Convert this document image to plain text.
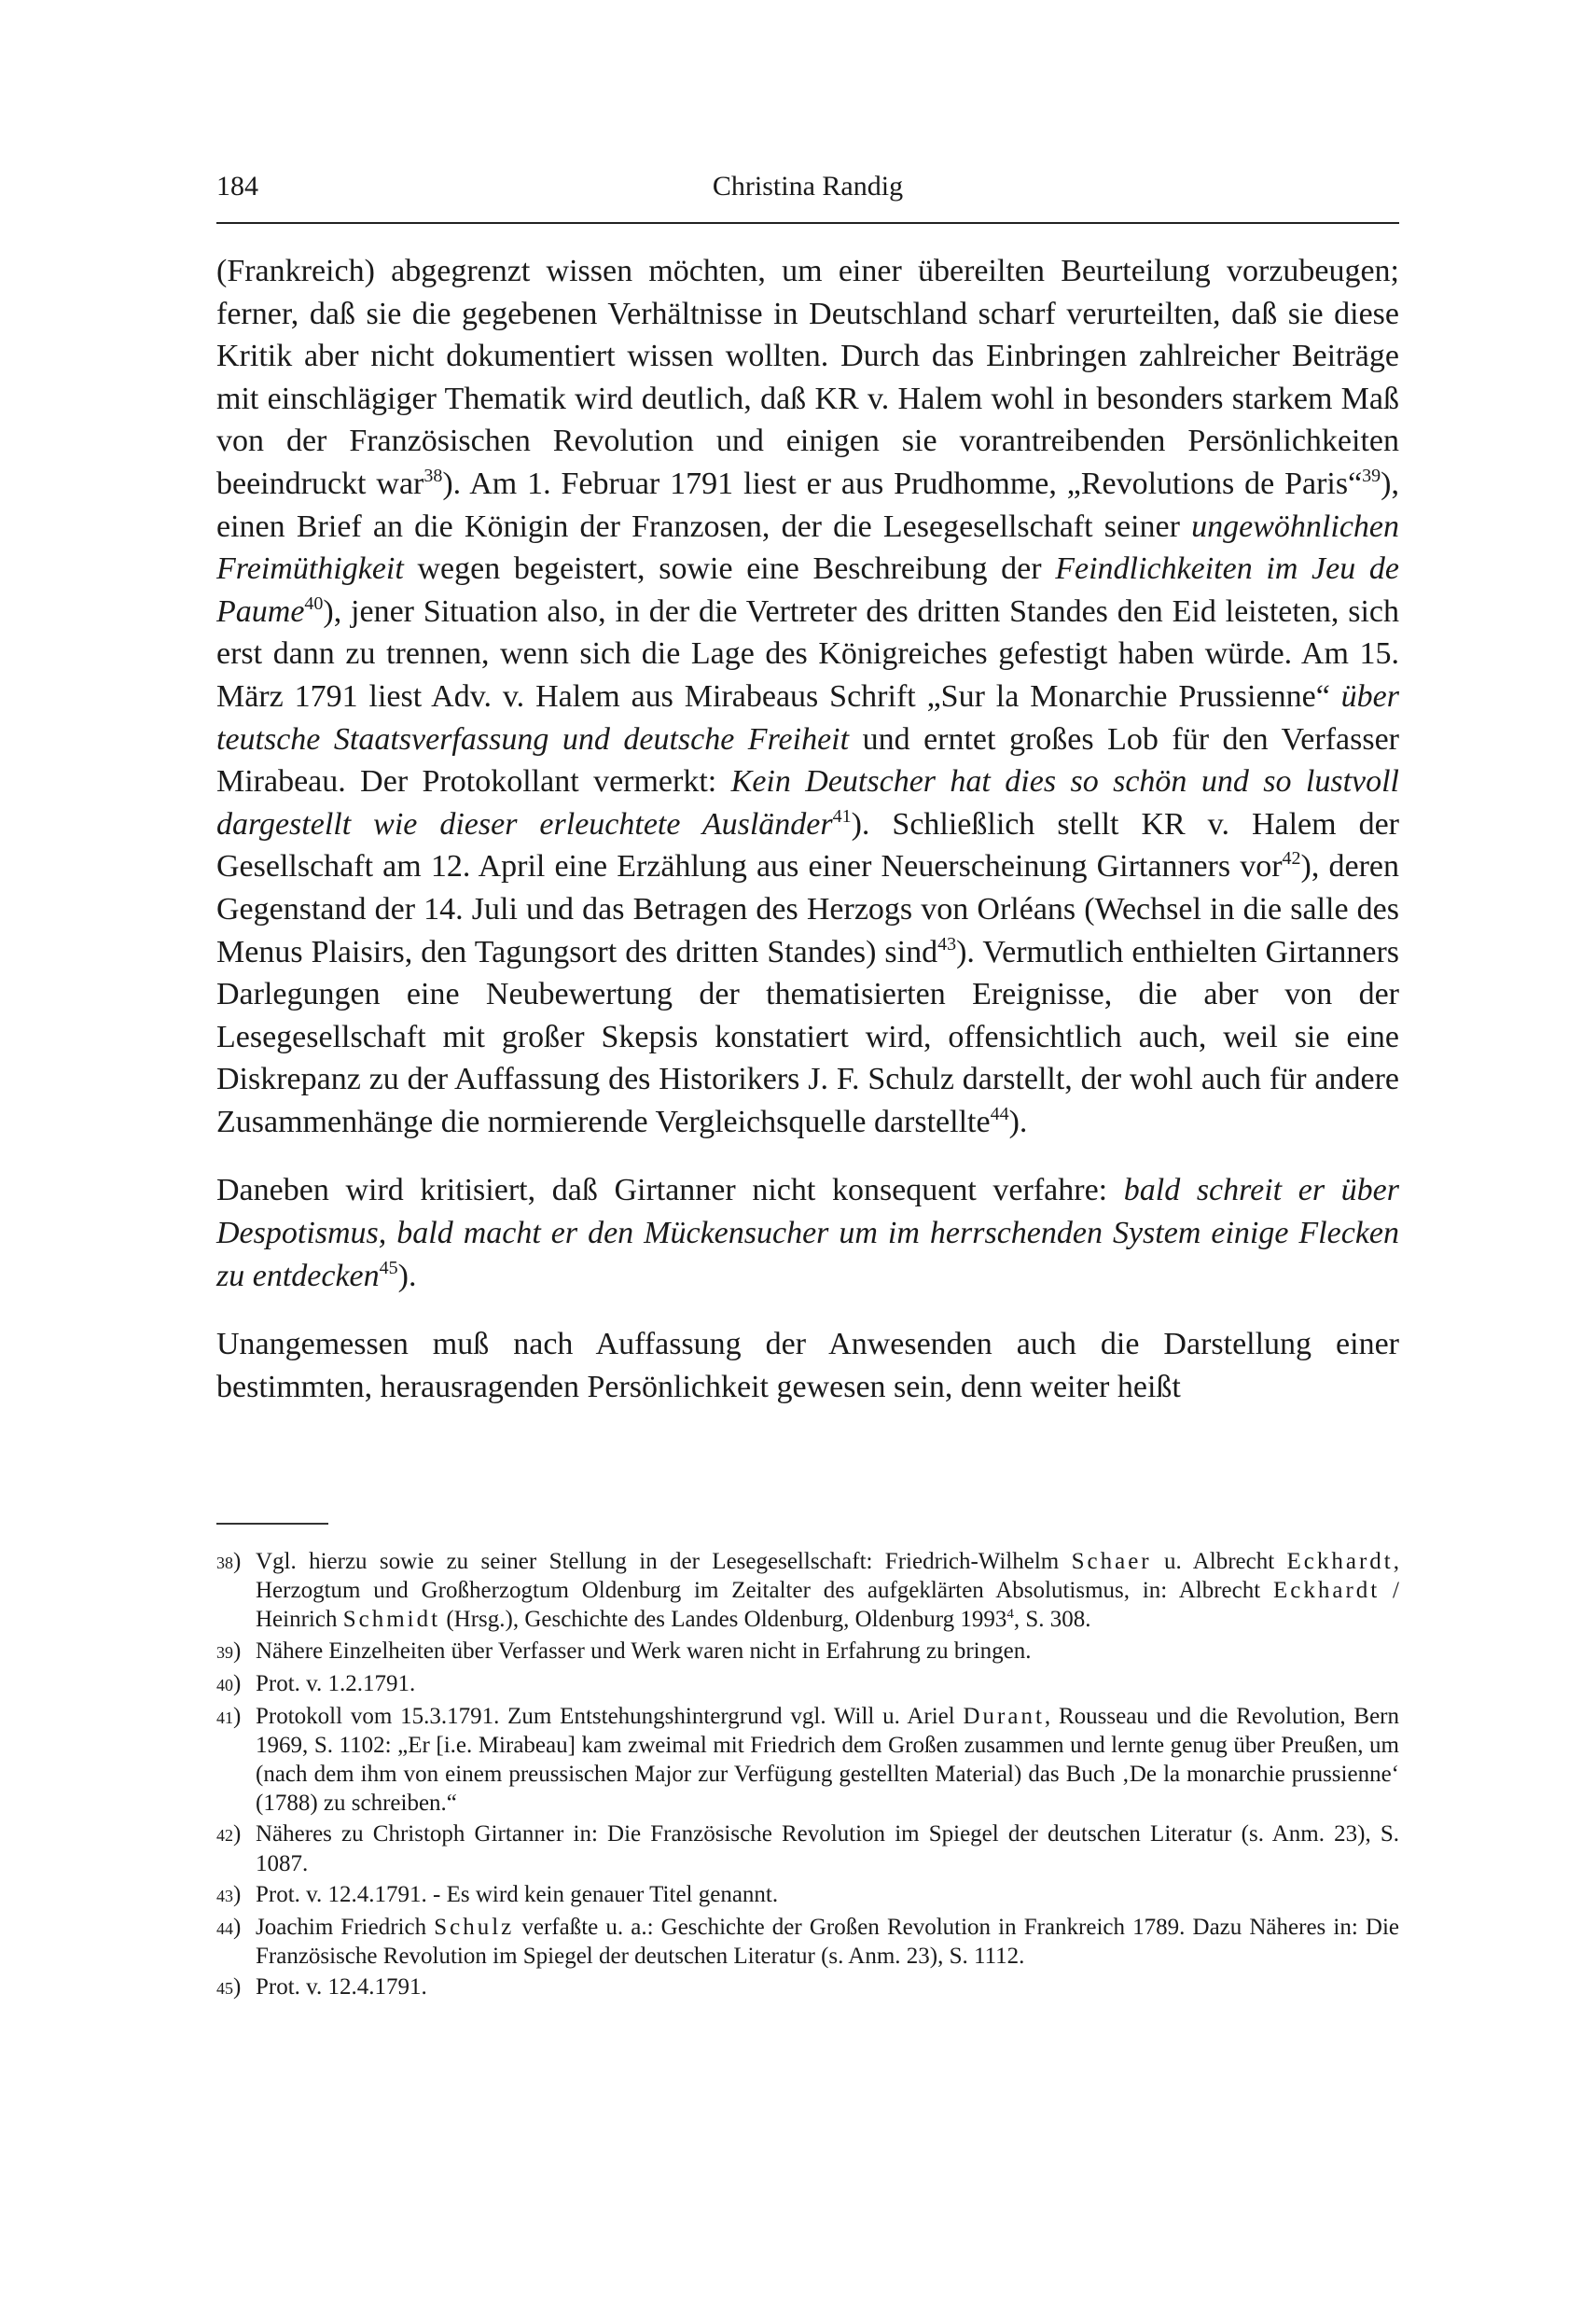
184	Christina Randig

(Frankreich) abgegrenzt wissen möchten, um einer übereilten Beurteilung vorzubeugen; ferner, daß sie die gegebenen Verhältnisse in Deutschland scharf verurteilten, daß sie diese Kritik aber nicht dokumentiert wissen wollten. Durch das Einbringen zahlreicher Beiträge mit einschlägiger Thematik wird deutlich, daß KR v. Halem wohl in besonders starkem Maß von der Französischen Revolution und einigen sie vorantreibenden Persönlichkeiten beeindruckt war$^{38}$). Am 1. Februar 1791 liest er aus Prudhomme, „Revolutions de Paris“$^{39}$), einen Brief an die Königin der Franzosen, der die Lesegesellschaft seiner ungewöhnlichen Freimüthigkeit wegen begeistert, sowie eine Beschreibung der Feindlichkeiten im Jeu de Paume$^{40}$), jener Situation also, in der die Vertreter des dritten Standes den Eid leisteten, sich erst dann zu trennen, wenn sich die Lage des Königreiches gefestigt haben würde. Am 15. März 1791 liest Adv. v. Halem aus Mirabeaus Schrift „Sur la Monarchie Prussienne“ über teutsche Staatsverfassung und deutsche Freiheit und erntet großes Lob für den Verfasser Mirabeau. Der Protokollant vermerkt: Kein Deutscher hat dies so schön und so lustvoll dargestellt wie dieser erleuchtete Ausländer$^{41}$). Schließlich stellt KR v. Halem der Gesellschaft am 12. April eine Erzählung aus einer Neuerscheinung Girtanners vor$^{42}$), deren Gegenstand der 14. Juli und das Betragen des Herzogs von Orléans (Wechsel in die salle des Menus Plaisirs, den Tagungsort des dritten Standes) sind$^{43}$). Vermutlich enthielten Girtanners Darlegungen eine Neubewertung der thematisierten Ereignisse, die aber von der Lesegesellschaft mit großer Skepsis konstatiert wird, offensichtlich auch, weil sie eine Diskrepanz zu der Auffassung des Historikers J. F. Schulz darstellt, der wohl auch für andere Zusammenhänge die normierende Vergleichsquelle darstellte$^{44}$).

Daneben wird kritisiert, daß Girtanner nicht konsequent verfahre: bald schreit er über Despotismus, bald macht er den Mückensucher um im herrschenden System einige Flecken zu entdecken$^{45}$).

Unangemessen muß nach Auffassung der Anwesenden auch die Darstellung einer bestimmten, herausragenden Persönlichkeit gewesen sein, denn weiter heißt

38) Vgl. hierzu sowie zu seiner Stellung in der Lesegesellschaft: Friedrich-Wilhelm Schaer u. Albrecht Eckhardt, Herzogtum und Großherzogtum Oldenburg im Zeitalter des aufgeklärten Absolutismus, in: Albrecht Eckhardt / Heinrich Schmidt (Hrsg.), Geschichte des Landes Oldenburg, Oldenburg 1993$^4$, S. 308.
39) Nähere Einzelheiten über Verfasser und Werk waren nicht in Erfahrung zu bringen.
40) Prot. v. 1.2.1791.
41) Protokoll vom 15.3.1791. Zum Entstehungshintergrund vgl. Will u. Ariel Durant, Rousseau und die Revolution, Bern 1969, S. 1102: „Er [i.e. Mirabeau] kam zweimal mit Friedrich dem Großen zusammen und lernte genug über Preußen, um (nach dem ihm von einem preussischen Major zur Verfügung gestellten Material) das Buch ‚De la monarchie prussienne‘ (1788) zu schreiben.“
42) Näheres zu Christoph Girtanner in: Die Französische Revolution im Spiegel der deutschen Literatur (s. Anm. 23), S. 1087.
43) Prot. v. 12.4.1791. - Es wird kein genauer Titel genannt.
44) Joachim Friedrich Schulz verfaßte u. a.: Geschichte der Großen Revolution in Frankreich 1789. Dazu Näheres in: Die Französische Revolution im Spiegel der deutschen Literatur (s. Anm. 23), S. 1112.
45) Prot. v. 12.4.1791.
